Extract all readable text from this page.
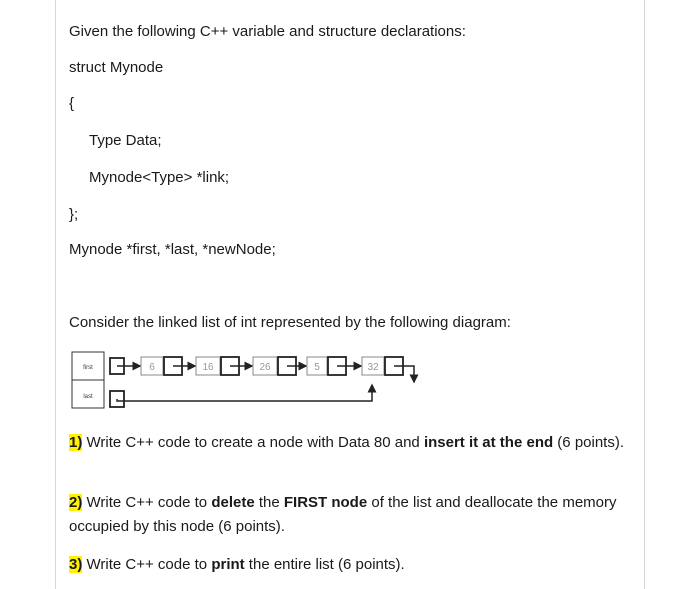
Given the following C++ variable and structure declarations:
struct Mynode
{
Type Data;
Mynode<Type> *link;
};
Mynode *first, *last, *newNode;
Consider the linked list of int represented by the following diagram:
first
last
6	16	26	5	32
1) Write C++ code to create a node with Data 80 and insert it at the end (6 points).
2) Write C++ code to delete the FIRST node of the list and deallocate the memory occupied by this node (6 points).
3) Write C++ code to print the entire list (6 points).
